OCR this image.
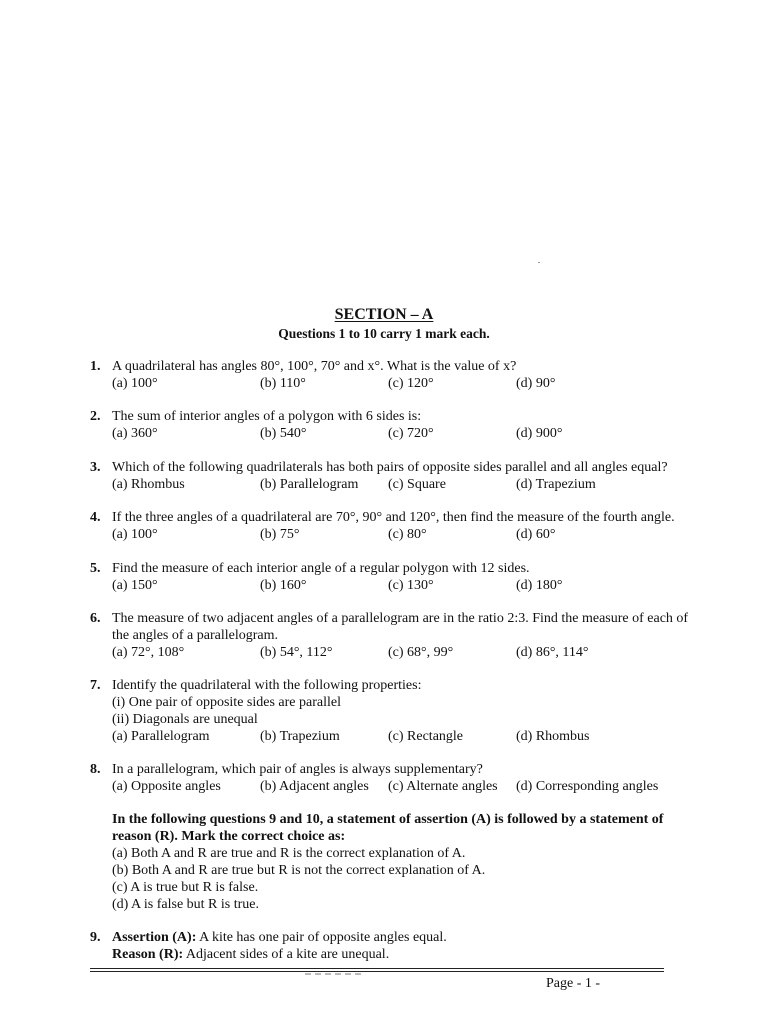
SECTION – A
Questions 1 to 10 carry 1 mark each.
1. A quadrilateral has angles 80°, 100°, 70° and x°. What is the value of x?
(a) 100°	(b) 110°	(c) 120°	(d) 90°
2. The sum of interior angles of a polygon with 6 sides is:
(a) 360°	(b) 540°	(c) 720°	(d) 900°
3. Which of the following quadrilaterals has both pairs of opposite sides parallel and all angles equal?
(a) Rhombus	(b) Parallelogram (c) Square	(d) Trapezium
4. If the three angles of a quadrilateral are 70°, 90° and 120°, then find the measure of the fourth angle.
(a) 100°	(b) 75°	(c) 80°	(d) 60°
5. Find the measure of each interior angle of a regular polygon with 12 sides.
(a) 150°	(b) 160°	(c) 130°	(d) 180°
6. The measure of two adjacent angles of a parallelogram are in the ratio 2:3. Find the measure of each of
the angles of a parallelogram.
(a) 72°, 108°	(b) 54°, 112°	(c) 68°, 99°	(d) 86°, 114°
7. Identify the quadrilateral with the following properties:
(i) One pair of opposite sides are parallel
(ii) Diagonals are unequal
(a) Parallelogram	(b) Trapezium	(c) Rectangle	(d) Rhombus
8. In a parallelogram, which pair of angles is always supplementary?
(a) Opposite angles	(b) Adjacent angles (c) Alternate angles (d) Corresponding angles
In the following questions 9 and 10, a statement of assertion (A) is followed by a statement of
reason (R). Mark the correct choice as:
(a) Both A and R are true and R is the correct explanation of A.
(b) Both A and R are true but R is not the correct explanation of A.
(c) A is true but R is false.
(d) A is false but R is true.
9. Assertion (A): A kite has one pair of opposite angles equal.
Reason (R): Adjacent sides of a kite are unequal.
Page - 1 -
